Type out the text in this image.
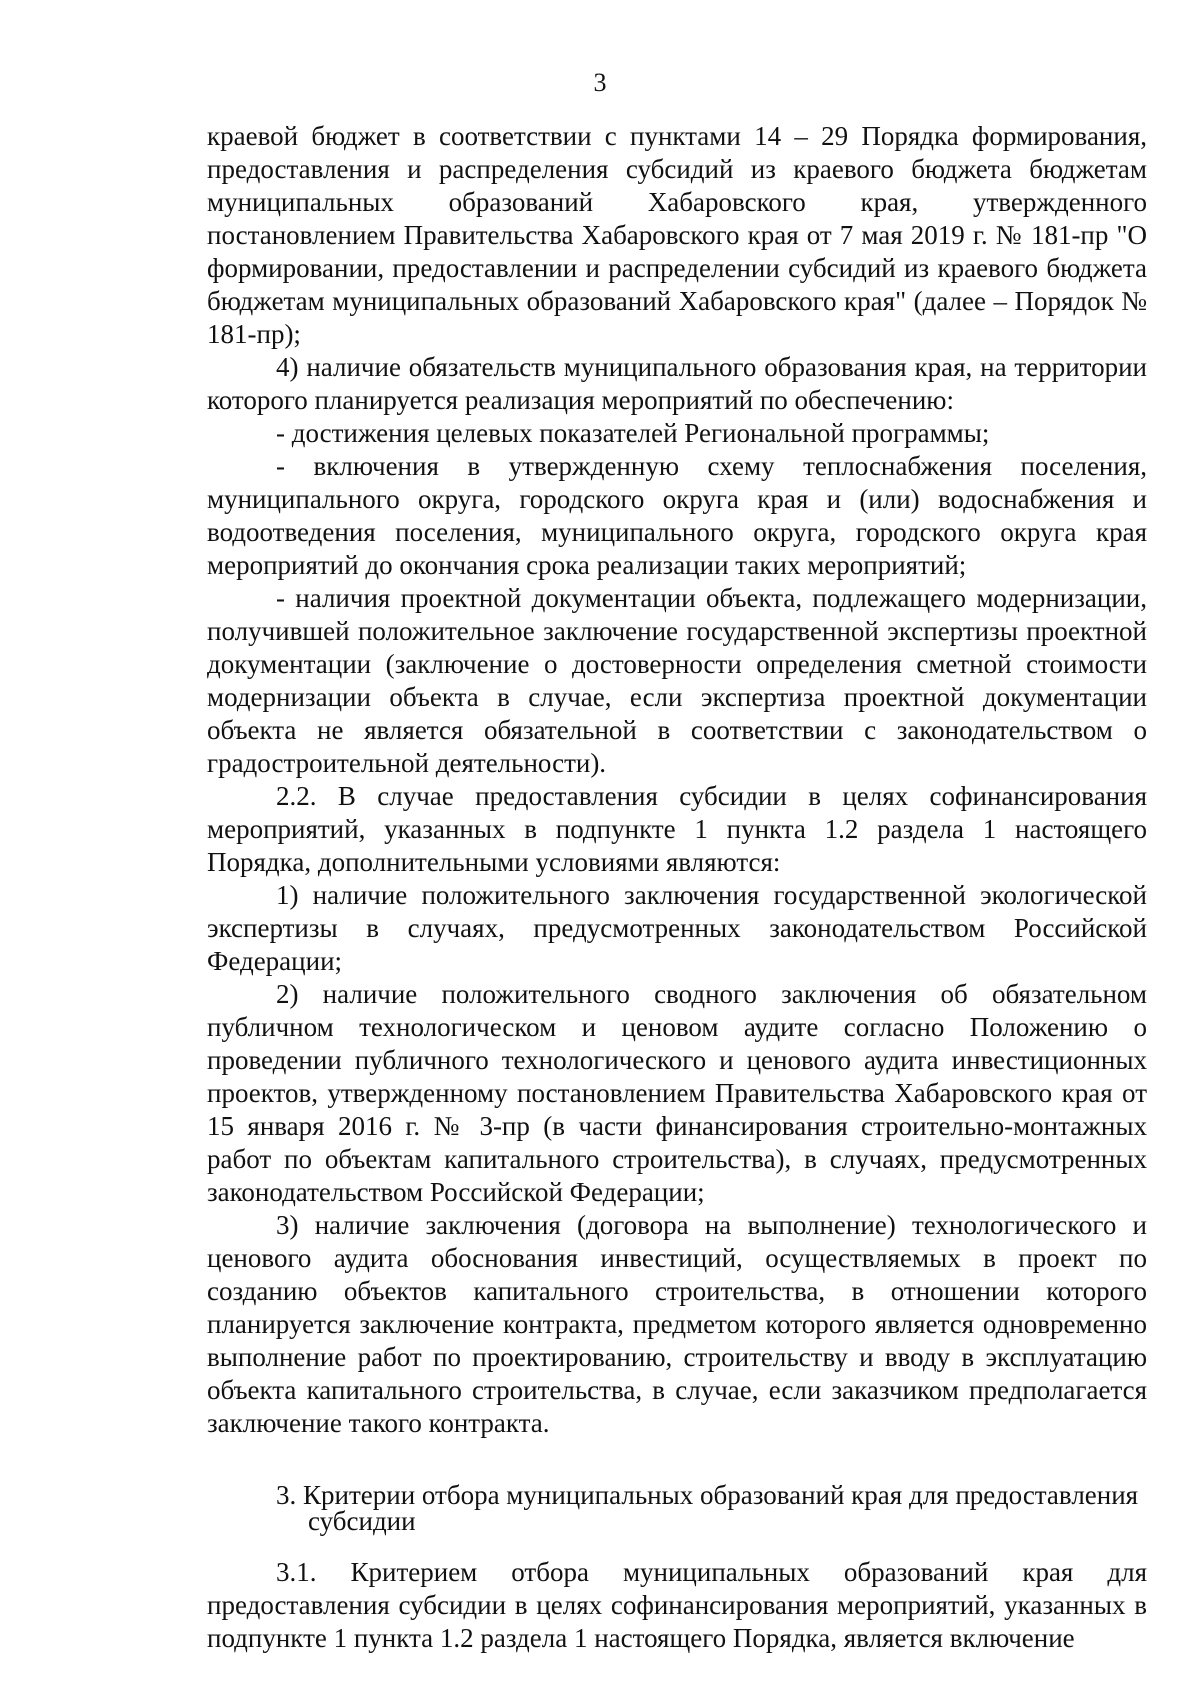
3

краевой бюджет в соответствии с пунктами 14 – 29 Порядка формирования, предоставления и распределения субсидий из краевого бюджета бюджетам муниципальных образований Хабаровского края, утвержденного постановлением Правительства Хабаровского края от 7 мая 2019 г. № 181-пр "О формировании, предоставлении и распределении субсидий из краевого бюджета бюджетам муниципальных образований Хабаровского края" (далее – Порядок № 181-пр);

4) наличие обязательств муниципального образования края, на территории которого планируется реализация мероприятий по обеспечению:

- достижения целевых показателей Региональной программы;

- включения в утвержденную схему теплоснабжения поселения, муниципального округа, городского округа края и (или) водоснабжения и водоотведения поселения, муниципального округа, городского округа края мероприятий до окончания срока реализации таких мероприятий;

- наличия проектной документации объекта, подлежащего модернизации, получившей положительное заключение государственной экспертизы проектной документации (заключение о достоверности определения сметной стоимости модернизации объекта в случае, если экспертиза проектной документации объекта не является обязательной в соответствии с законодательством о градостроительной деятельности).

2.2. В случае предоставления субсидии в целях софинансирования мероприятий, указанных в подпункте 1 пункта 1.2 раздела 1 настоящего Порядка, дополнительными условиями являются:

1) наличие положительного заключения государственной экологической экспертизы в случаях, предусмотренных законодательством Российской Федерации;

2) наличие положительного сводного заключения об обязательном публичном технологическом и ценовом аудите согласно Положению о проведении публичного технологического и ценового аудита инвестиционных проектов, утвержденному постановлением Правительства Хабаровского края от 15 января 2016 г. № 3-пр (в части финансирования строительно-монтажных работ по объектам капитального строительства), в случаях, предусмотренных законодательством Российской Федерации;

3) наличие заключения (договора на выполнение) технологического и ценового аудита обоснования инвестиций, осуществляемых в проект по созданию объектов капитального строительства, в отношении которого планируется заключение контракта, предметом которого является одновременно выполнение работ по проектированию, строительству и вводу в эксплуатацию объекта капитального строительства, в случае, если заказчиком предполагается заключение такого контракта.

3. Критерии отбора муниципальных образований края для предоставления
субсидии

3.1. Критерием отбора муниципальных образований края для предоставления субсидии в целях софинансирования мероприятий, указанных в подпункте 1 пункта 1.2 раздела 1 настоящего Порядка, является включение
